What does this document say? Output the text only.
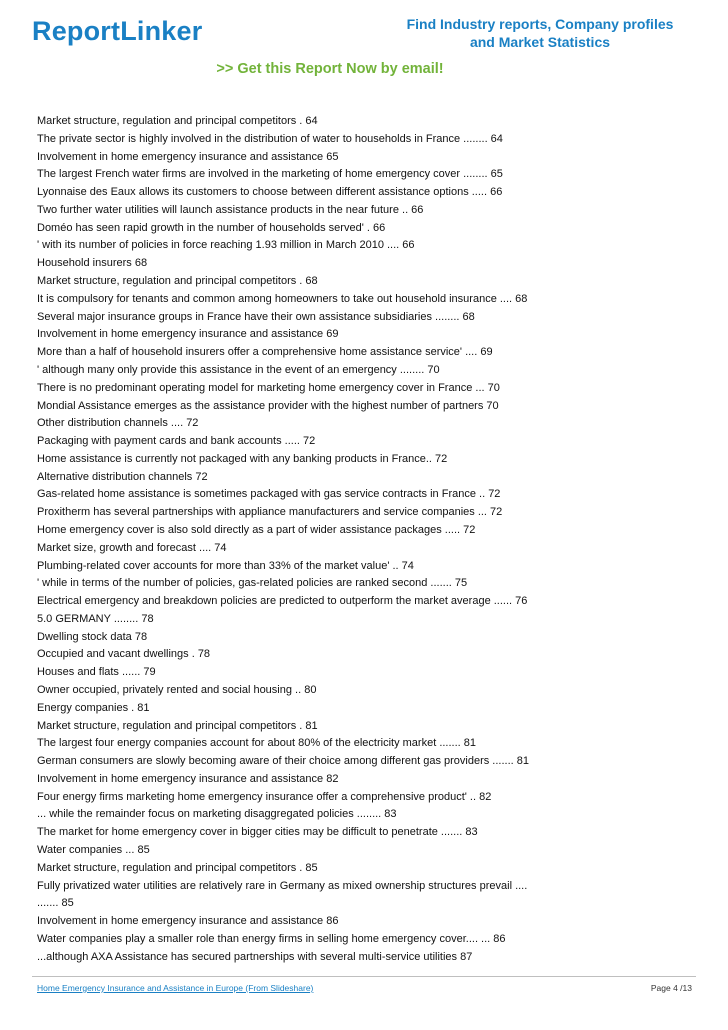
ReportLinker	Find Industry reports, Company profiles
and Market Statistics
>> Get this Report Now by email!
Market structure, regulation and principal competitors . 64
The private sector is highly involved in the distribution of water to households in France ........ 64
Involvement in home emergency insurance and assistance 65
The largest French water firms are involved in the marketing of home emergency cover ........ 65
Lyonnaise des Eaux allows its customers to choose between different assistance options ..... 66
Two further water utilities will launch assistance products in the near future .. 66
Doméo has seen rapid growth in the number of households served' . 66
' with its number of policies in force reaching 1.93 million in March 2010 .... 66
Household insurers 68
Market structure, regulation and principal competitors . 68
It is compulsory for tenants and common among homeowners to take out household insurance .... 68
Several major insurance groups in France have their own assistance subsidiaries ........ 68
Involvement in home emergency insurance and assistance 69
More than a half of household insurers offer a comprehensive home assistance service' .... 69
' although many only provide this assistance in the event of an emergency ........ 70
There is no predominant operating model for marketing home emergency cover in France ... 70
Mondial Assistance emerges as the assistance provider with the highest number of partners 70
Other distribution channels .... 72
Packaging with payment cards and bank accounts ..... 72
Home assistance is currently not packaged with any banking products in France.. 72
Alternative distribution channels 72
Gas-related home assistance is sometimes packaged with gas service contracts in France .. 72
Proxitherm has several partnerships with appliance manufacturers and service companies ... 72
Home emergency cover is also sold directly as a part of wider assistance packages ..... 72
Market size, growth and forecast .... 74
Plumbing-related cover accounts for more than 33% of the market value' .. 74
' while in terms of the number of policies, gas-related policies are ranked second ....... 75
Electrical emergency and breakdown policies are predicted to outperform the market average ...... 76
5.0 GERMANY ........ 78
Dwelling stock data 78
Occupied and vacant dwellings . 78
Houses and flats ...... 79
Owner occupied, privately rented and social housing .. 80
Energy companies . 81
Market structure, regulation and principal competitors . 81
The largest four energy companies account for about 80% of the electricity market ....... 81
German consumers are slowly becoming aware of their choice among different gas providers ....... 81
Involvement in home emergency insurance and assistance 82
Four energy firms marketing home emergency insurance offer a comprehensive product' .. 82
... while the remainder focus on marketing disaggregated policies ........ 83
The market for home emergency cover in bigger cities may be difficult to penetrate ....... 83
Water companies ... 85
Market structure, regulation and principal competitors . 85
Fully privatized water utilities are relatively rare in Germany as mixed ownership structures prevail ....
....... 85
Involvement in home emergency insurance and assistance 86
Water companies play a smaller role than energy firms in selling home emergency cover.... ... 86
...although AXA Assistance has secured partnerships with several multi-service utilities 87
Home Emergency Insurance and Assistance in Europe (From Slideshare)	Page 4 /13
